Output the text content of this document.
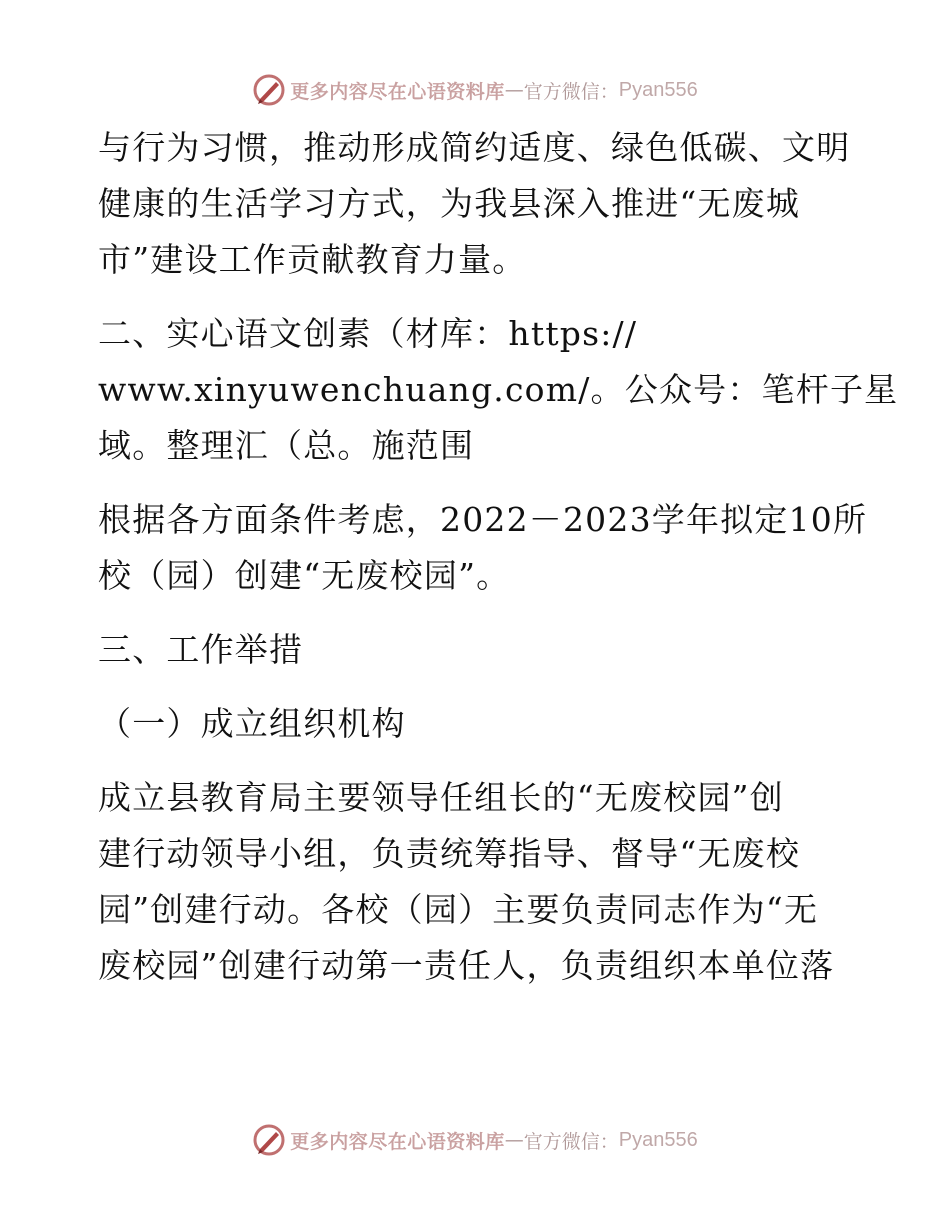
更多内容尽在心语资料库 — 官方微信： Pyan556
与行为习惯，推动形成简约适度、绿色低碳、文明
健康的生活学习方式，为我县深入推进“无废城
市”建设工作贡献教育力量。
二、实心语文创素（材库：https://
www.xinyuwenchuang.com/。公众号：笔杆子星
域。整理汇（总。施范围
根据各方面条件考虑，2022－2023学年拟定10所
校（园）创建“无废校园”。
三、工作举措
（一）成立组织机构
成立县教育局主要领导任组长的“无废校园”创
建行动领导小组，负责统筹指导、督导“无废校
园”创建行动。各校（园）主要负责同志作为“无
废校园”创建行动第一责任人，负责组织本单位落
更多内容尽在心语资料库 — 官方微信： Pyan556
